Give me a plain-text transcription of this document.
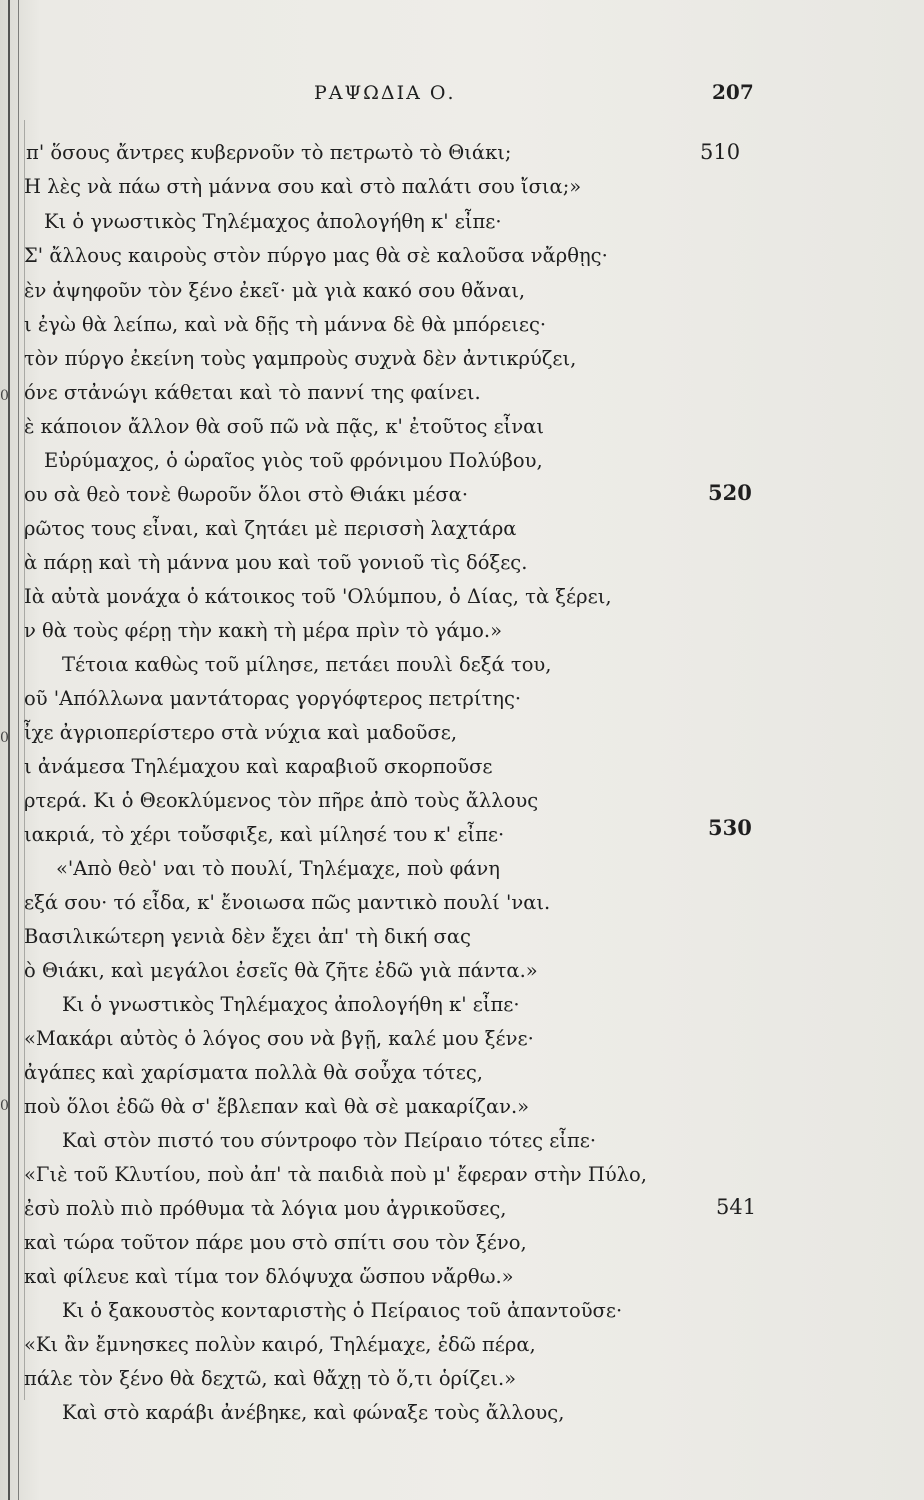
ΡΑΨΩΔΙΑ Ο.	207
0
0
0
π' ὅσους ἄντρες κυβερνοῦν τὸ πετρωτὸ τὸ Θιάκι;	510
Η λὲς νὰ πάω στὴ μάννα σου καὶ στὸ παλάτι σου ἴσια;»
Κι ὁ γνωστικὸς Τηλέμαχος ἀπολογήθη κ' εἶπε·
Σ' ἄλλους καιροὺς στὸν πύργο μας θὰ σὲ καλοῦσα νἄρθῃς·
ὲν ἀψηφοῦν τὸν ξένο ἐκεῖ· μὰ γιὰ κακό σου θἄναι,
ι ἐγὼ θὰ λείπω, καὶ νὰ δῇς τὴ μάννα δὲ θὰ μπόρειες·
τὸν πύργο ἐκείνη τοὺς γαμπροὺς συχνὰ δὲν ἀντικρύζει,
όνε στἀνώγι κάθεται καὶ τὸ παννί της φαίνει.
ὲ κάποιον ἄλλον θὰ σοῦ πῶ νὰ πᾷς, κ' ἐτοῦτος εἶναι
Εὐρύμαχος, ὁ ὡραῖος γιὸς τοῦ φρόνιμου Πολύβου,
ου σὰ θεὸ τονὲ θωροῦν ὅλοι στὸ Θιάκι μέσα·	520
ρῶτος τους εἶναι, καὶ ζητάει μὲ περισσὴ λαχτάρα
ὰ πάρῃ καὶ τὴ μάννα μου καὶ τοῦ γονιοῦ τὶς δόξες.
Ιὰ αὐτὰ μονάχα ὁ κάτοικος τοῦ 'Ολύμπου, ὁ Δίας, τὰ ξέρει,
ν θὰ τοὺς φέρῃ τὴν κακὴ τὴ μέρα πρὶν τὸ γάμο.»
Τέτοια καθὼς τοῦ μίλησε, πετάει πουλὶ δεξά του,
οῦ 'Απόλλωνα μαντάτορας γοργόφτερος πετρίτης·
ἶχε ἀγριοπερίστερο στὰ νύχια καὶ μαδοῦσε,
ι ἀνάμεσα Τηλέμαχου καὶ καραβιοῦ σκορποῦσε
ρτερά. Κι ὁ Θεοκλύμενος τὸν πῆρε ἀπὸ τοὺς ἄλλους
ιακριά, τὸ χέρι τοὔσφιξε, καὶ μίλησέ του κ' εἶπε·	530
«'Απὸ θεὸ' ναι τὸ πουλί, Τηλέμαχε, ποὺ φάνη
εξά σου· τό εἶδα, κ' ἔνοιωσα πῶς μαντικὸ πουλί 'ναι.
Βασιλικώτερη γενιὰ δὲν ἔχει ἀπ' τὴ δική σας
ὸ Θιάκι, καὶ μεγάλοι ἐσεῖς θὰ ζῆτε ἐδῶ γιὰ πάντα.»
Κι ὁ γνωστικὸς Τηλέμαχος ἀπολογήθη κ' εἶπε·
«Μακάρι αὐτὸς ὁ λόγος σου νὰ βγῇ, καλέ μου ξένε·
ἀγάπες καὶ χαρίσματα πολλὰ θὰ σοὖχα τότες,
ποὺ ὅλοι ἐδῶ θὰ σ' ἔβλεπαν καὶ θὰ σὲ μακαρίζαν.»
Καὶ στὸν πιστό του σύντροφο τὸν Πείραιο τότες εἶπε·
«Γιὲ τοῦ Κλυτίου, ποὺ ἀπ' τὰ παιδιὰ ποὺ μ' ἔφεραν στὴν Πύλο,
ἐσὺ πολὺ πιὸ πρόθυμα τὰ λόγια μου ἀγρικοῦσες,	541
καὶ τώρα τοῦτον πάρε μου στὸ σπίτι σου τὸν ξένο,
καὶ φίλευε καὶ τίμα τον δλόψυχα ὥσπου νἄρθω.»
Κι ὁ ξακουστὸς κονταριστὴς ὁ Πείραιος τοῦ ἀπαντοῦσε·
«Κι ἂν ἔμνησκες πολὺν καιρό, Τηλέμαχε, ἐδῶ πέρα,
πάλε τὸν ξένο θὰ δεχτῶ, καὶ θἄχῃ τὸ ὅ,τι ὁρίζει.»
Καὶ στὸ καράβι ἀνέβηκε, καὶ φώναξε τοὺς ἄλλους,
